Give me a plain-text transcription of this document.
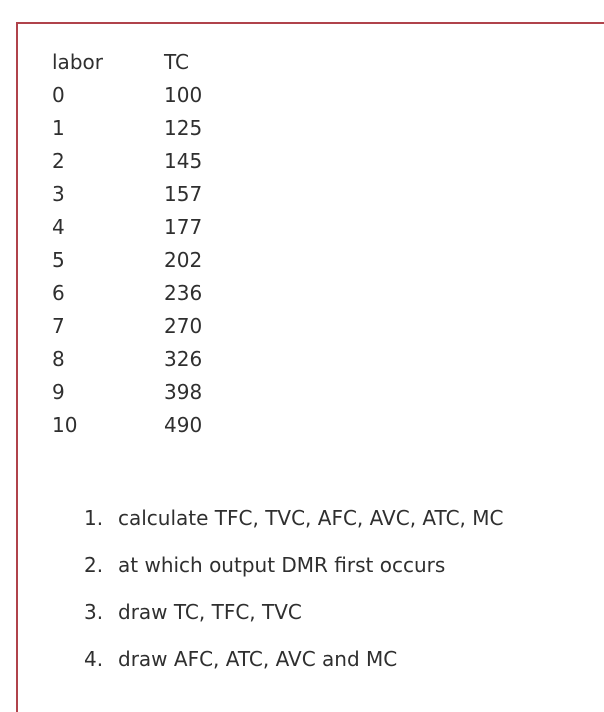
labor	TC
0	100
1	125
2	145
3	157
4	177
5	202
6	236
7	270
8	326
9	398
10	490
1. calculate TFC, TVC, AFC, AVC, ATC, MC
2. at which output DMR first occurs
3. draw TC, TFC, TVC
4. draw AFC, ATC, AVC and MC
